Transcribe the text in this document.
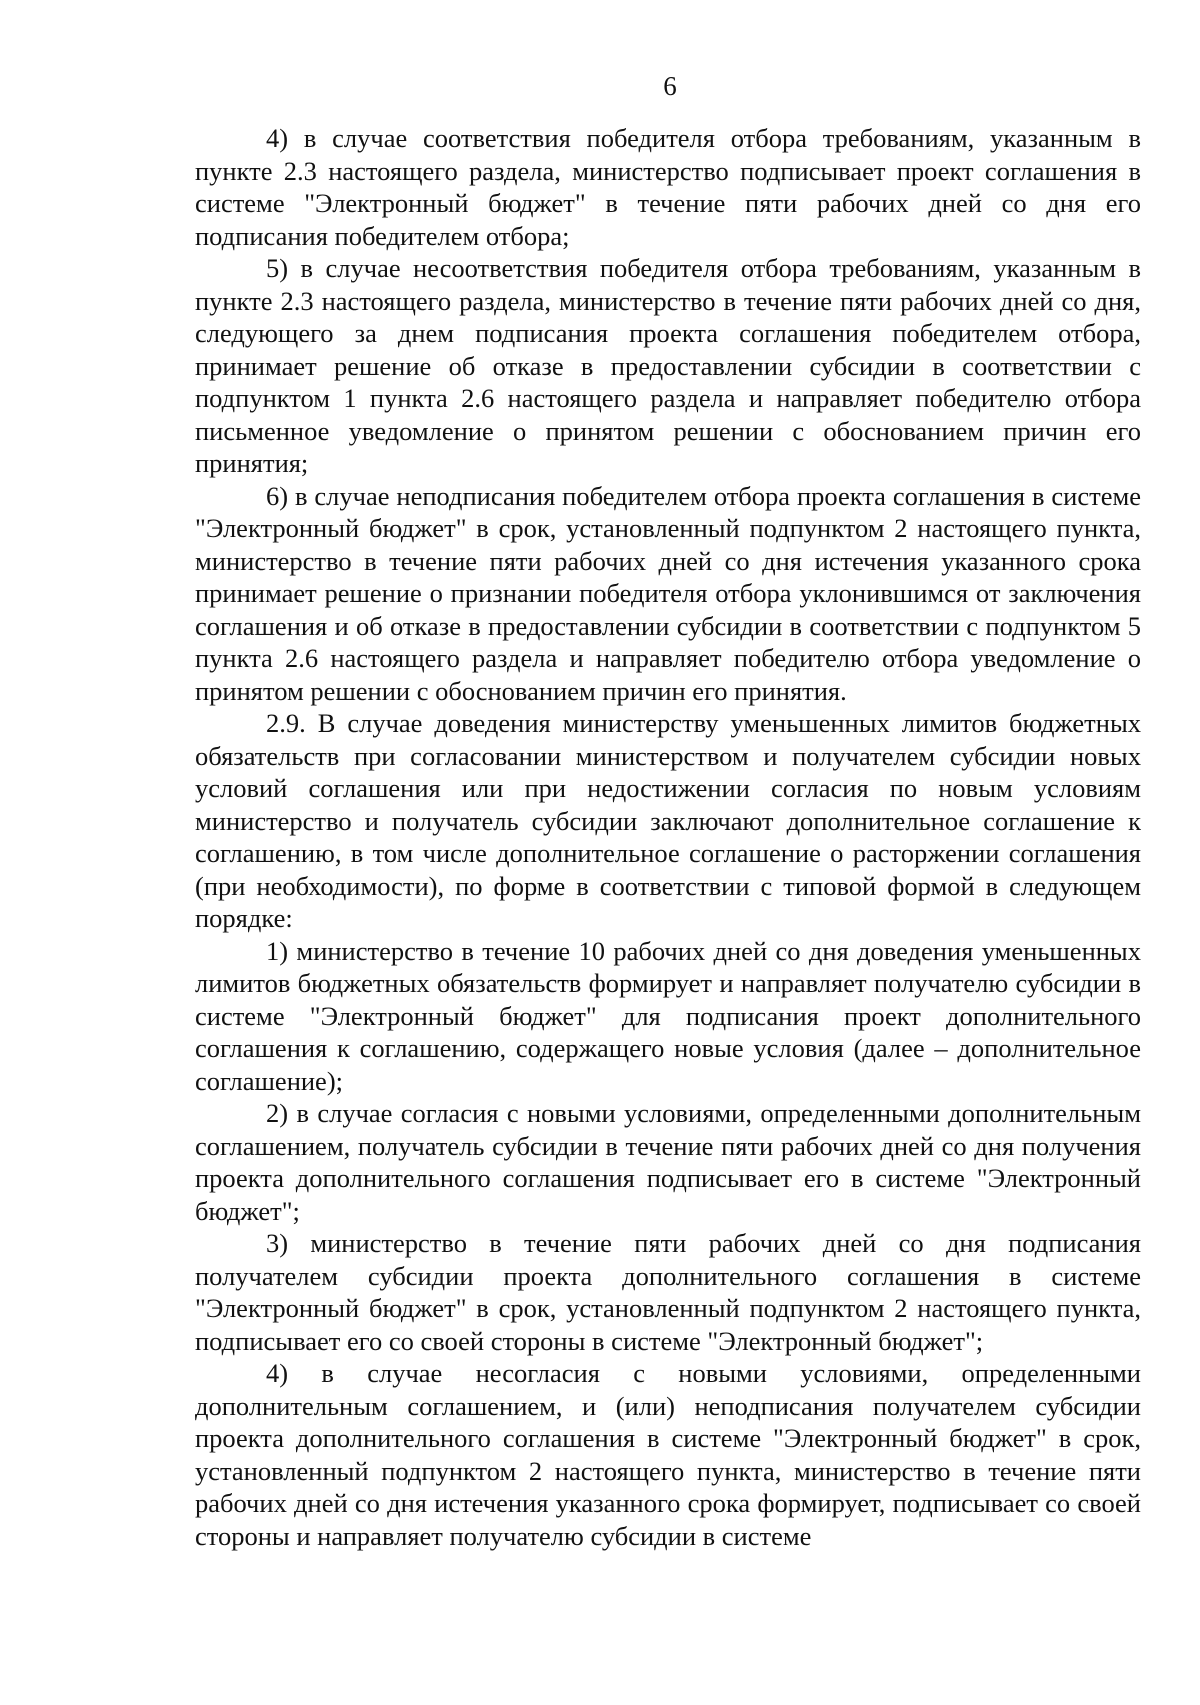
6

4) в случае соответствия победителя отбора требованиям, указанным в пункте 2.3 настоящего раздела, министерство подписывает проект соглашения в системе "Электронный бюджет" в течение пяти рабочих дней со дня его подписания победителем отбора;

5) в случае несоответствия победителя отбора требованиям, указанным в пункте 2.3 настоящего раздела, министерство в течение пяти рабочих дней со дня, следующего за днем подписания проекта соглашения победителем отбора, принимает решение об отказе в предоставлении субсидии в соответствии с подпунктом 1 пункта 2.6 настоящего раздела и направляет победителю отбора письменное уведомление о принятом решении с обоснованием причин его принятия;

6) в случае неподписания победителем отбора проекта соглашения в системе "Электронный бюджет" в срок, установленный подпунктом 2 настоящего пункта, министерство в течение пяти рабочих дней со дня истечения указанного срока принимает решение о признании победителя отбора уклонившимся от заключения соглашения и об отказе в предоставлении субсидии в соответствии с подпунктом 5 пункта 2.6 настоящего раздела и направляет победителю отбора уведомление о принятом решении с обоснованием причин его принятия.

2.9. В случае доведения министерству уменьшенных лимитов бюджетных обязательств при согласовании министерством и получателем субсидии новых условий соглашения или при недостижении согласия по новым условиям министерство и получатель субсидии заключают дополнительное соглашение к соглашению, в том числе дополнительное соглашение о расторжении соглашения (при необходимости), по форме в соответствии с типовой формой в следующем порядке:

1) министерство в течение 10 рабочих дней со дня доведения уменьшенных лимитов бюджетных обязательств формирует и направляет получателю субсидии в системе "Электронный бюджет" для подписания проект дополнительного соглашения к соглашению, содержащего новые условия (далее – дополнительное соглашение);

2) в случае согласия с новыми условиями, определенными дополнительным соглашением, получатель субсидии в течение пяти рабочих дней со дня получения проекта дополнительного соглашения подписывает его в системе "Электронный бюджет";

3) министерство в течение пяти рабочих дней со дня подписания получателем субсидии проекта дополнительного соглашения в системе "Электронный бюджет" в срок, установленный подпунктом 2 настоящего пункта, подписывает его со своей стороны в системе "Электронный бюджет";

4) в случае несогласия с новыми условиями, определенными дополнительным соглашением, и (или) неподписания получателем субсидии проекта дополнительного соглашения в системе "Электронный бюджет" в срок, установленный подпунктом 2 настоящего пункта, министерство в течение пяти рабочих дней со дня истечения указанного срока формирует, подписывает со своей стороны и направляет получателю субсидии в системе
